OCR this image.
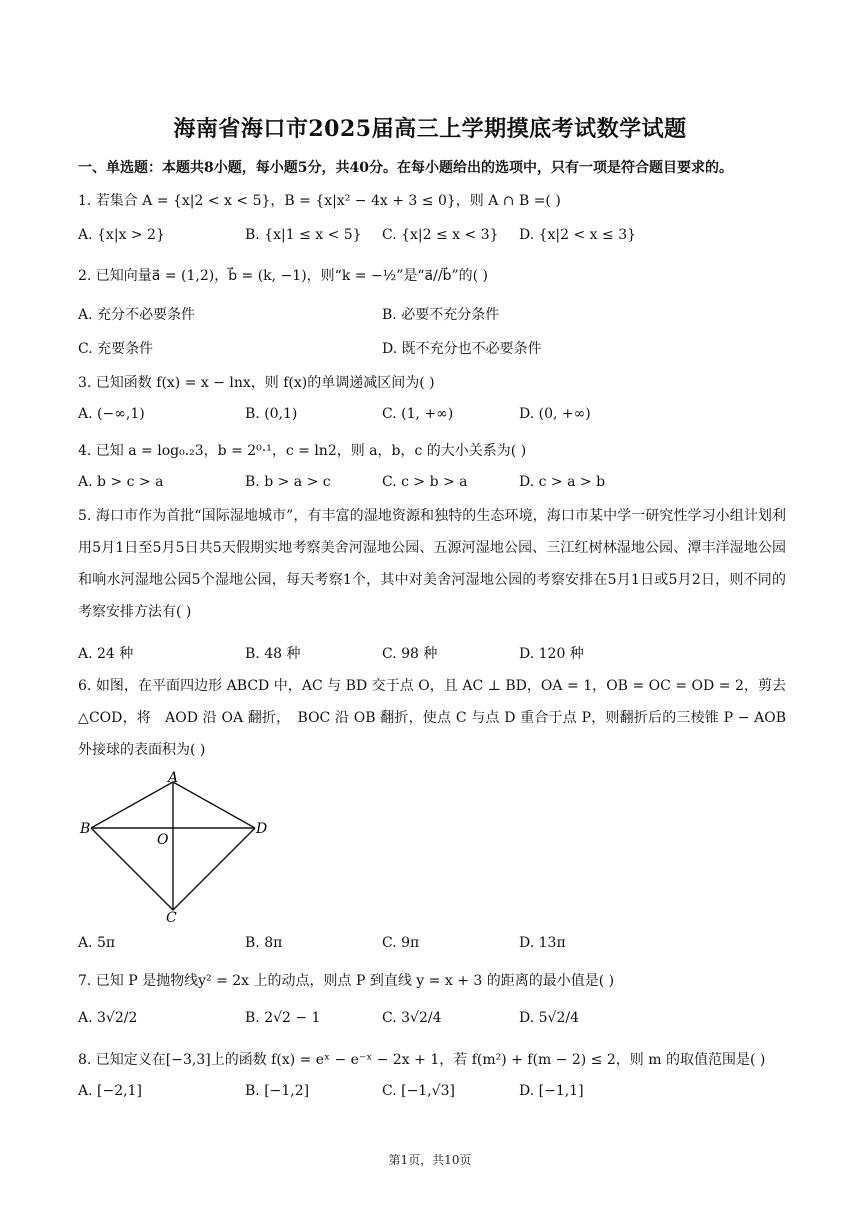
海南省海口市2025届高三上学期摸底考试数学试题
一、单选题：本题共8小题，每小题5分，共40分。在每小题给出的选项中，只有一项是符合题目要求的。
1. 若集合 A = {x|2 < x < 5}，B = {x|x² − 4x + 3 ≤ 0}，则 A ∩ B =( )
A. {x|x > 2}	B. {x|1 ≤ x < 5} C. {x|2 ≤ x < 3} D. {x|2 < x ≤ 3}
2. 已知向量a⃗ = (1,2)，b⃗ = (k, −1)，则“k = −½”是“a⃗//b⃗”的( )
A. 充分不必要条件	B. 必要不充分条件
C. 充要条件	D. 既不充分也不必要条件
3. 已知函数 f(x) = x − lnx，则 f(x)的单调递减区间为( )
A. (−∞,1)	B. (0,1)	C. (1, +∞)	D. (0, +∞)
4. 已知 a = log₀.₂3，b = 2⁰·¹，c = ln2，则 a，b，c 的大小关系为( )
A. b > c > a	B. b > a > c	C. c > b > a	D. c > a > b
5. 海口市作为首批“国际湿地城市”，有丰富的湿地资源和独特的生态环境，海口市某中学一研究性学习小组计划利用5月1日至5月5日共5天假期实地考察美舍河湿地公园、五源河湿地公园、三江红树林湿地公园、潭丰洋湿地公园和响水河湿地公园5个湿地公园，每天考察1个，其中对美舍河湿地公园的考察安排在5月1日或5月2日，则不同的考察安排方法有( )
A. 24 种	B. 48 种	C. 98 种	D. 120 种
6. 如图，在平面四边形 ABCD 中，AC 与 BD 交于点 O，且 AC ⊥ BD，OA = 1，OB = OC = OD = 2，剪去△COD，将　AOD 沿 OA 翻折，　BOC 沿 OB 翻折，使点 C 与点 D 重合于点 P，则翻折后的三棱锥 P − AOB 外接球的表面积为( )
A
B
C
D
O
A. 5π	B. 8π	C. 9π	D. 13π
7. 已知 P 是抛物线y² = 2x 上的动点，则点 P 到直线 y = x + 3 的距离的最小值是( )
A. 3√2/2	B. 2√2 − 1	C. 3√2/4	D. 5√2/4
8. 已知定义在[−3,3]上的函数 f(x) = eˣ − e⁻ˣ − 2x + 1，若 f(m²) + f(m − 2) ≤ 2，则 m 的取值范围是( )
A. [−2,1]	B. [−1,2]	C. [−1,√3]	D. [−1,1]
第1页，共10页
